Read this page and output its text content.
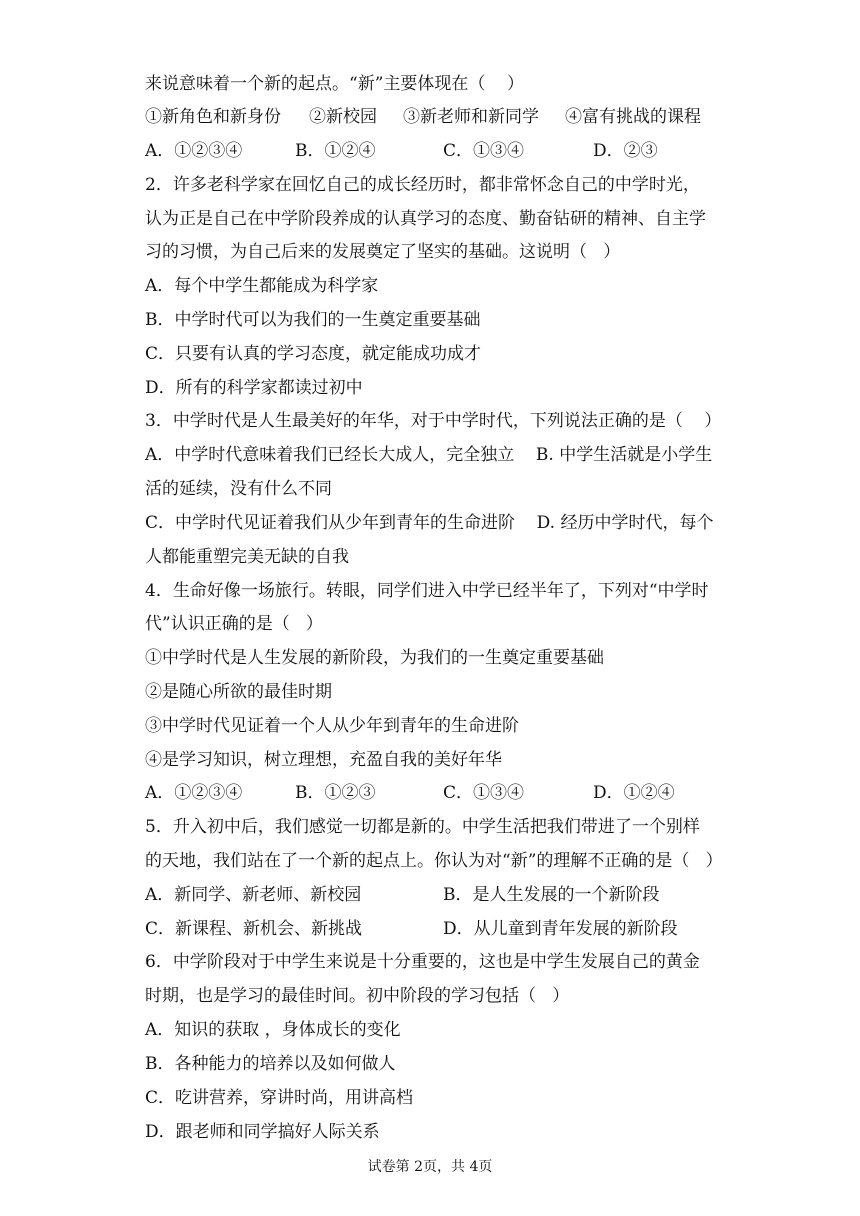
来说意味着一个新的起点。“新”主要体现在（    ）
①新角色和新身份 ②新校园 ③新老师和新同学 ④富有挑战的课程
A．①②③④	B．①②④	C．①③④	D．②③
2．许多老科学家在回忆自己的成长经历时，都非常怀念自己的中学时光，
认为正是自己在中学阶段养成的认真学习的态度、勤奋钻研的精神、自主学
习的习惯，为自己后来的发展奠定了坚实的基础。这说明（   ）
A．每个中学生都能成为科学家
B．中学时代可以为我们的一生奠定重要基础
C．只要有认真的学习态度，就定能成功成才
D．所有的科学家都读过初中
3．中学时代是人生最美好的年华，对于中学时代，下列说法正确的是（    ）
A．中学时代意味着我们已经长大成人，完全独立    B. 中学生活就是小学生
活的延续，没有什么不同
C．中学时代见证着我们从少年到青年的生命进阶    D. 经历中学时代，每个
人都能重塑完美无缺的自我
4．生命好像一场旅行。转眼，同学们进入中学已经半年了，下列对“中学时
代”认识正确的是（   ）
①中学时代是人生发展的新阶段，为我们的一生奠定重要基础
②是随心所欲的最佳时期
③中学时代见证着一个人从少年到青年的生命进阶
④是学习知识，树立理想，充盈自我的美好年华
A．①②③④	B．①②③	C．①③④	D．①②④
5．升入初中后，我们感觉一切都是新的。中学生活把我们带进了一个别样
的天地，我们站在了一个新的起点上。你认为对“新”的理解不正确的是（   ）
A．新同学、新老师、新校园	B．是人生发展的一个新阶段
C．新课程、新机会、新挑战	D．从儿童到青年发展的新阶段
6．中学阶段对于中学生来说是十分重要的，这也是中学生发展自己的黄金
时期，也是学习的最佳时间。初中阶段的学习包括（   ）
A．知识的获取 ，身体成长的变化
B．各种能力的培养以及如何做人
C．吃讲营养，穿讲时尚，用讲高档
D．跟老师和同学搞好人际关系
试卷第 2页，共 4页
